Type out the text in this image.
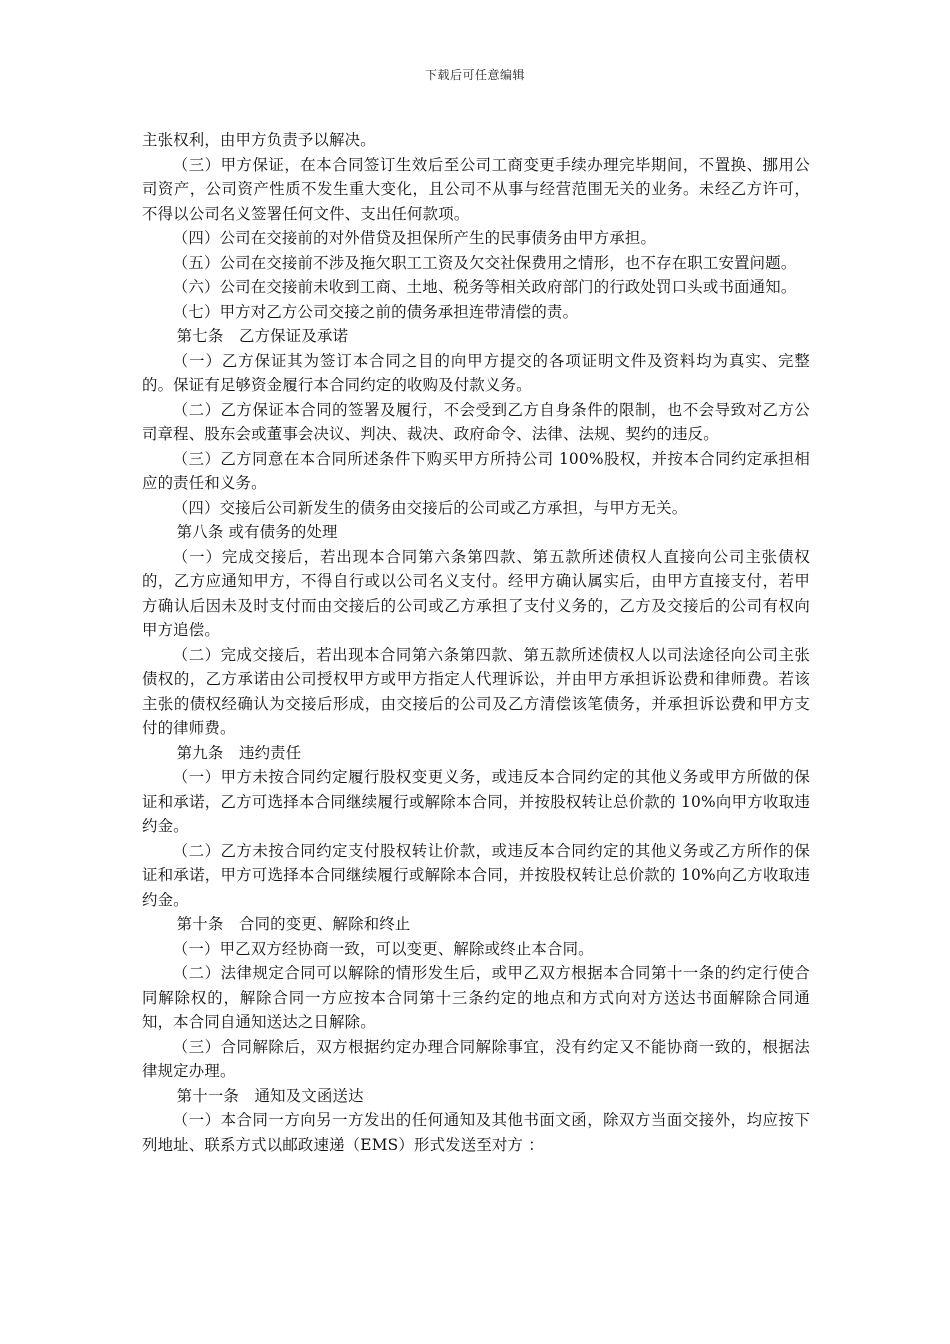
下载后可任意编辑

主张权利，由甲方负责予以解决。

（三）甲方保证，在本合同签订生效后至公司工商变更手续办理完毕期间，不置换、挪用公司资产，公司资产性质不发生重大变化，且公司不从事与经营范围无关的业务。未经乙方许可，不得以公司名义签署任何文件、支出任何款项。

（四）公司在交接前的对外借贷及担保所产生的民事债务由甲方承担。

（五）公司在交接前不涉及拖欠职工工资及欠交社保费用之情形，也不存在职工安置问题。

（六）公司在交接前未收到工商、土地、税务等相关政府部门的行政处罚口头或书面通知。

（七）甲方对乙方公司交接之前的债务承担连带清偿的责。

第七条　乙方保证及承诺

（一）乙方保证其为签订本合同之目的向甲方提交的各项证明文件及资料均为真实、完整的。保证有足够资金履行本合同约定的收购及付款义务。

（二）乙方保证本合同的签署及履行，不会受到乙方自身条件的限制，也不会导致对乙方公司章程、股东会或董事会决议、判决、裁决、政府命令、法律、法规、契约的违反。

（三）乙方同意在本合同所述条件下购买甲方所持公司 100%股权，并按本合同约定承担相应的责任和义务。

（四）交接后公司新发生的债务由交接后的公司或乙方承担，与甲方无关。

第八条 或有债务的处理

（一）完成交接后，若出现本合同第六条第四款、第五款所述债权人直接向公司主张债权的，乙方应通知甲方，不得自行或以公司名义支付。经甲方确认属实后，由甲方直接支付，若甲方确认后因未及时支付而由交接后的公司或乙方承担了支付义务的，乙方及交接后的公司有权向甲方追偿。

（二）完成交接后，若出现本合同第六条第四款、第五款所述债权人以司法途径向公司主张债权的，乙方承诺由公司授权甲方或甲方指定人代理诉讼，并由甲方承担诉讼费和律师费。若该主张的债权经确认为交接后形成，由交接后的公司及乙方清偿该笔债务，并承担诉讼费和甲方支付的律师费。

第九条　违约责任

（一）甲方未按合同约定履行股权变更义务，或违反本合同约定的其他义务或甲方所做的保证和承诺，乙方可选择本合同继续履行或解除本合同，并按股权转让总价款的 10%向甲方收取违约金。

（二）乙方未按合同约定支付股权转让价款，或违反本合同约定的其他义务或乙方所作的保证和承诺，甲方可选择本合同继续履行或解除本合同，并按股权转让总价款的 10%向乙方收取违约金。

第十条　合同的变更、解除和终止

（一）甲乙双方经协商一致，可以变更、解除或终止本合同。

（二）法律规定合同可以解除的情形发生后，或甲乙双方根据本合同第十一条的约定行使合同解除权的，解除合同一方应按本合同第十三条约定的地点和方式向对方送达书面解除合同通知，本合同自通知送达之日解除。

（三）合同解除后，双方根据约定办理合同解除事宜，没有约定又不能协商一致的，根据法律规定办理。

第十一条　通知及文函送达

（一）本合同一方向另一方发出的任何通知及其他书面文函，除双方当面交接外，均应按下列地址、联系方式以邮政速递（EMS）形式发送至对方 ：
